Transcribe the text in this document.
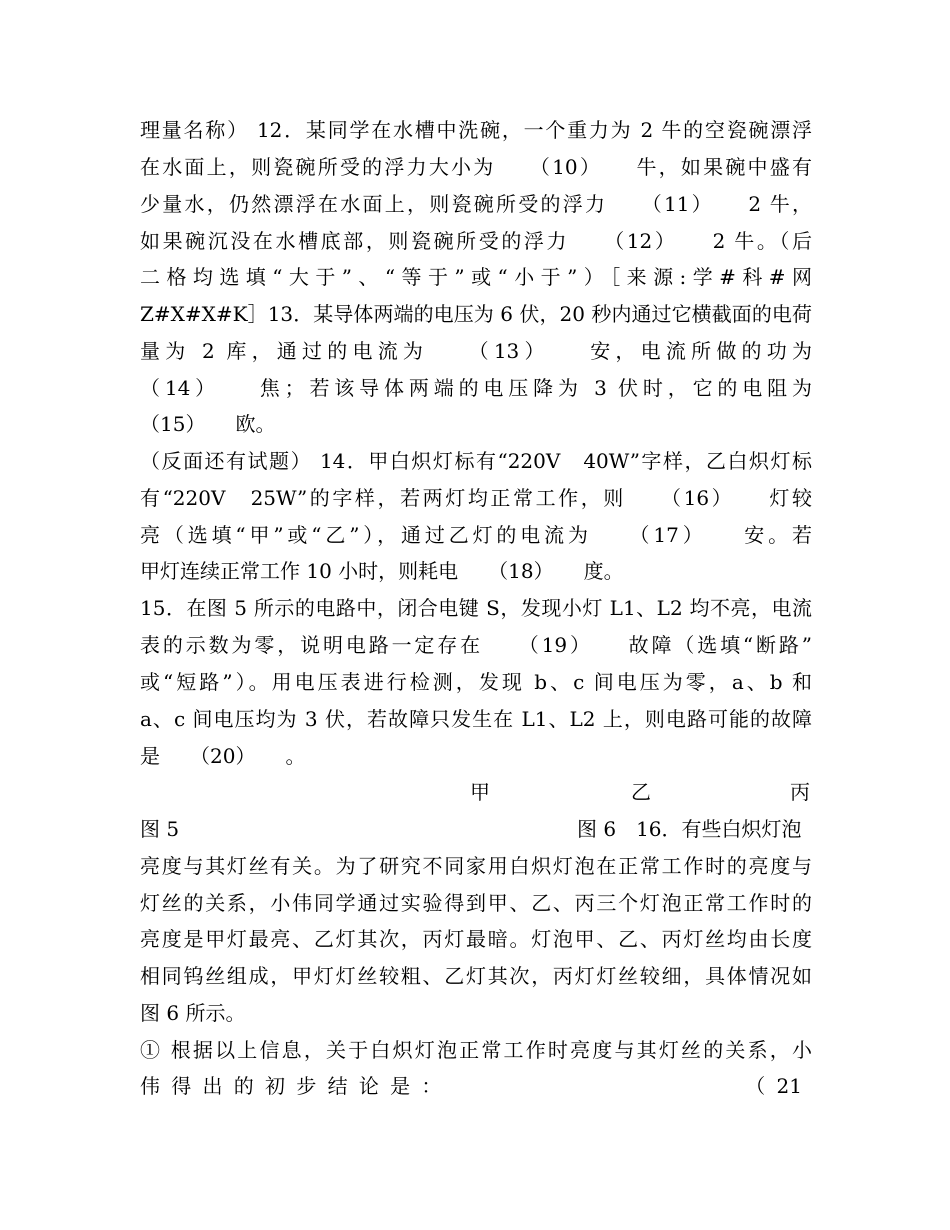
理量名称） 12．某同学在水槽中洗碗，一个重力为 2 牛的空瓷碗漂浮
在水面上，则瓷碗所受的浮力大小为　　（10）　　牛，如果碗中盛有
少量水，仍然漂浮在水面上，则瓷碗所受的浮力　　（11）　　2 牛，
如果碗沉没在水槽底部，则瓷碗所受的浮力　　（12）　　2 牛。（后
二格均选填“大于”、“等于”或“小于”）［来源:学#科#网
Z#X#X#K］13．某导体两端的电压为 6 伏，20 秒内通过它横截面的电荷
量为 2 库，通过的电流为　　（13）　　安，电流所做的功为
（14）　　焦；若该导体两端的电压降为 3 伏时，它的电阻为
（15）　　欧。
（反面还有试题） 14．甲白炽灯标有“220V　40W”字样，乙白炽灯标
有“220V　25W”的字样，若两灯均正常工作，则　　（16）　　灯较
亮（选填“甲”或“乙”），通过乙灯的电流为　　（17）　　安。若
甲灯连续正常工作 10 小时，则耗电　　（18）　　度。
15．在图 5 所示的电路中，闭合电键 S，发现小灯 L1、L2 均不亮，电流
表的示数为零，说明电路一定存在　　（19）　　故障（选填“断路”
或“短路”）。用电压表进行检测，发现 b、c 间电压为零，a、b 和
a、c 间电压均为 3 伏，若故障只发生在 L1、L2 上，则电路可能的故障
是　　（20）　　。

甲

	乙

	丙

图 5

	图 6　16．有些白炽灯泡

亮度与其灯丝有关。为了研究不同家用白炽灯泡在正常工作时的亮度与
灯丝的关系，小伟同学通过实验得到甲、乙、丙三个灯泡正常工作时的
亮度是甲灯最亮、乙灯其次，丙灯最暗。灯泡甲、乙、丙灯丝均由长度
相同钨丝组成，甲灯灯丝较粗、乙灯其次，丙灯灯丝较细，具体情况如
图 6 所示。
① 根据以上信息，关于白炽灯泡正常工作时亮度与其灯丝的关系，小
伟得出的初步结论是：　　　　　　　　　　（21
